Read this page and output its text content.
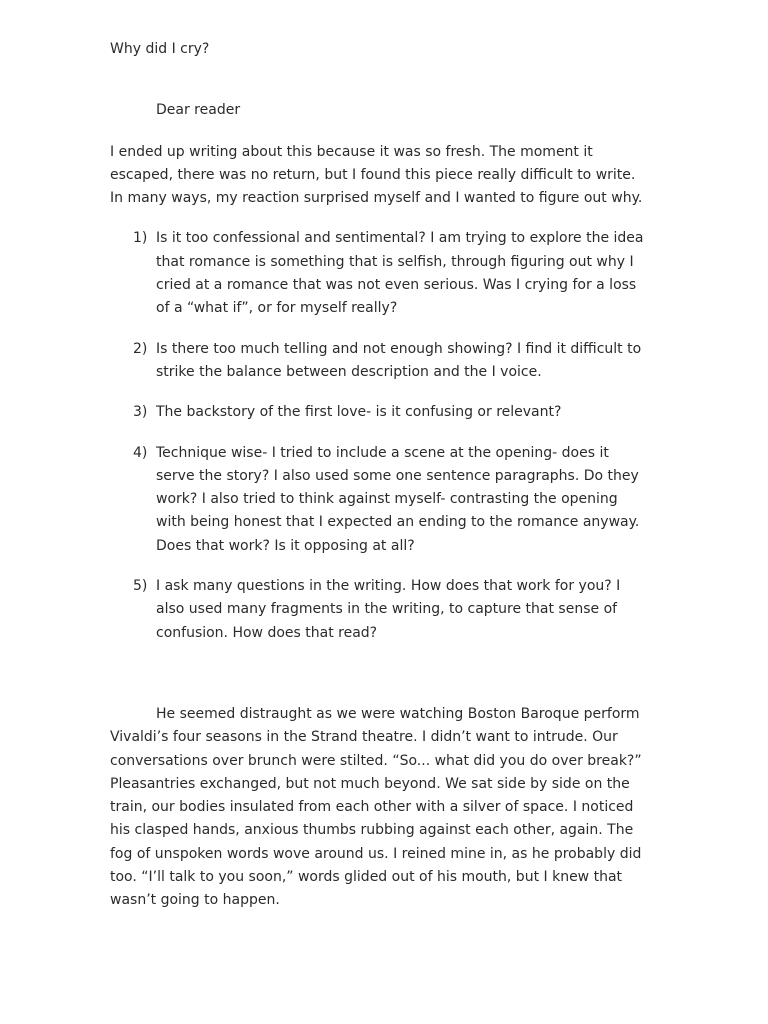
Why did I cry?

Dear reader

I ended up writing about this because it was so fresh. The moment it
escaped, there was no return, but I found this piece really difficult to write.
In many ways, my reaction surprised myself and I wanted to figure out why.

1) Is it too confessional and sentimental? I am trying to explore the idea
that romance is something that is selfish, through figuring out why I
cried at a romance that was not even serious. Was I crying for a loss
of a “what if”, or for myself really?
2) Is there too much telling and not enough showing? I find it difficult to
strike the balance between description and the I voice.
3) The backstory of the first love- is it confusing or relevant?
4) Technique wise- I tried to include a scene at the opening- does it
serve the story? I also used some one sentence paragraphs. Do they
work? I also tried to think against myself- contrasting the opening
with being honest that I expected an ending to the romance anyway.
Does that work? Is it opposing at all?
5) I ask many questions in the writing. How does that work for you? I
also used many fragments in the writing, to capture that sense of
confusion. How does that read?

He seemed distraught as we were watching Boston Baroque perform
Vivaldi’s four seasons in the Strand theatre. I didn’t want to intrude. Our
conversations over brunch were stilted. “So... what did you do over break?”
Pleasantries exchanged, but not much beyond. We sat side by side on the
train, our bodies insulated from each other with a silver of space. I noticed
his clasped hands, anxious thumbs rubbing against each other, again. The
fog of unspoken words wove around us. I reined mine in, as he probably did
too. “I’ll talk to you soon,” words glided out of his mouth, but I knew that
wasn’t going to happen.
